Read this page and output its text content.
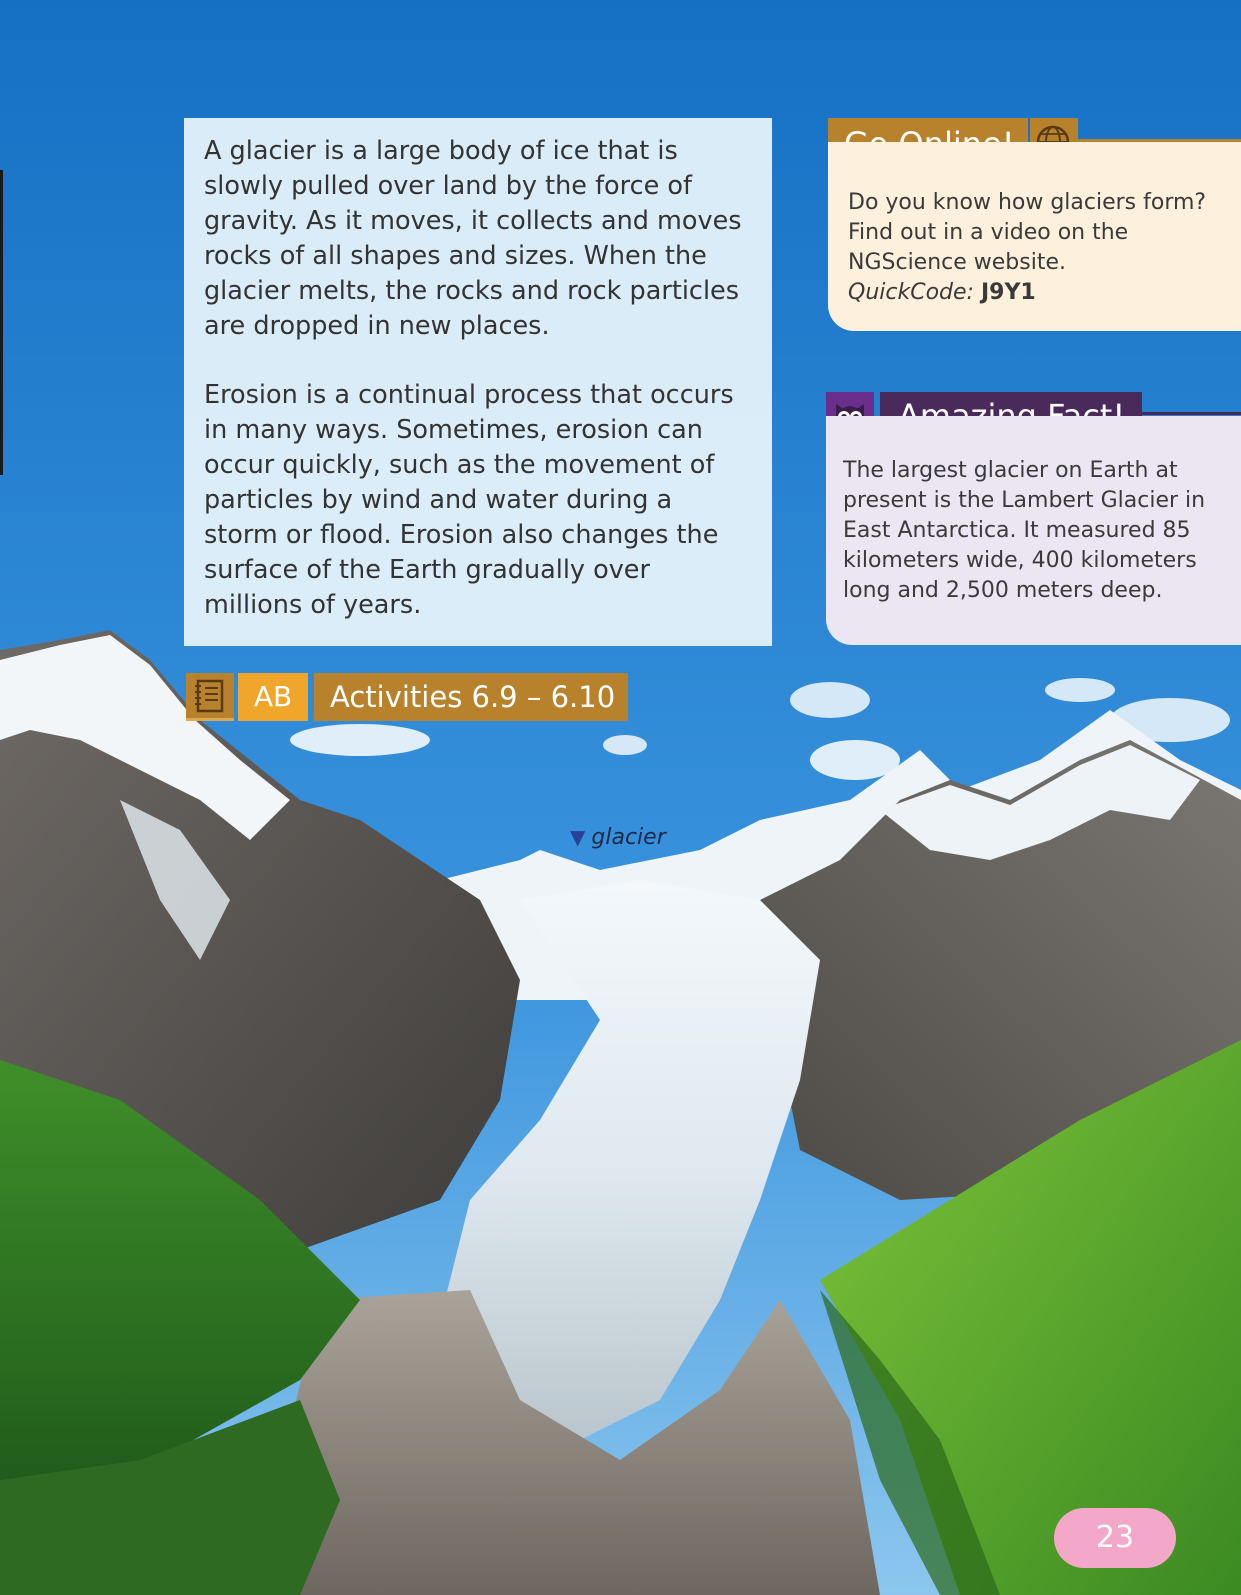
A glacier is a large body of ice that is slowly pulled over land by the force of gravity. As it moves, it collects and moves rocks of all shapes and sizes. When the glacier melts, the rocks and rock particles are dropped in new places.

Erosion is a continual process that occurs in many ways. Sometimes, erosion can occur quickly, such as the movement of particles by wind and water during a storm or flood. Erosion also changes the surface of the Earth gradually over millions of years.

Do you know how glaciers form? Find out in a video on the NGScience website.
QuickCode: J9Y1
The largest glacier on Earth at present is the Lambert Glacier in East Antarctica. It measured 85 kilometers wide, 400 kilometers long and 2,500 meters deep.
AB	Activities 6.9 – 6.10
▼ glacier
23
